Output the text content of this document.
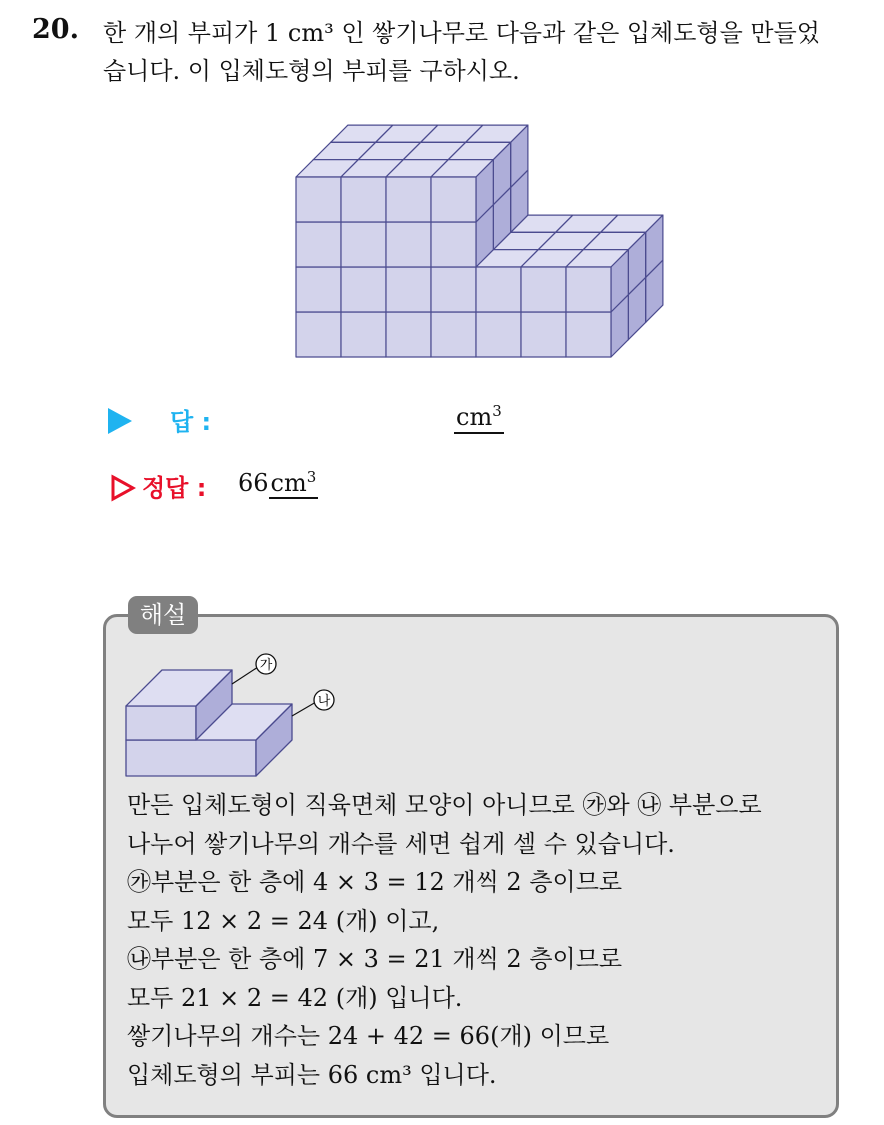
20. 한 개의 부피가 1 cm³ 인 쌓기나무로 다음과 같은 입체도형을 만들었
습니다. 이 입체도형의 부피를 구하시오.
답 :	$cm^3$
정답 : $66cm^3$
해설
가
나
만든 입체도형이 직육면체 모양이 아니므로 ㉮와 ㉯ 부분으로
나누어 쌓기나무의 개수를 세면 쉽게 셀 수 있습니다.
㉮부분은 한 층에 4 × 3 = 12 개씩 2 층이므로
모두 12 × 2 = 24 (개) 이고,
㉯부분은 한 층에 7 × 3 = 21 개씩 2 층이므로
모두 21 × 2 = 42 (개) 입니다.
쌓기나무의 개수는 24 + 42 = 66(개) 이므로
입체도형의 부피는 66 cm³ 입니다.
